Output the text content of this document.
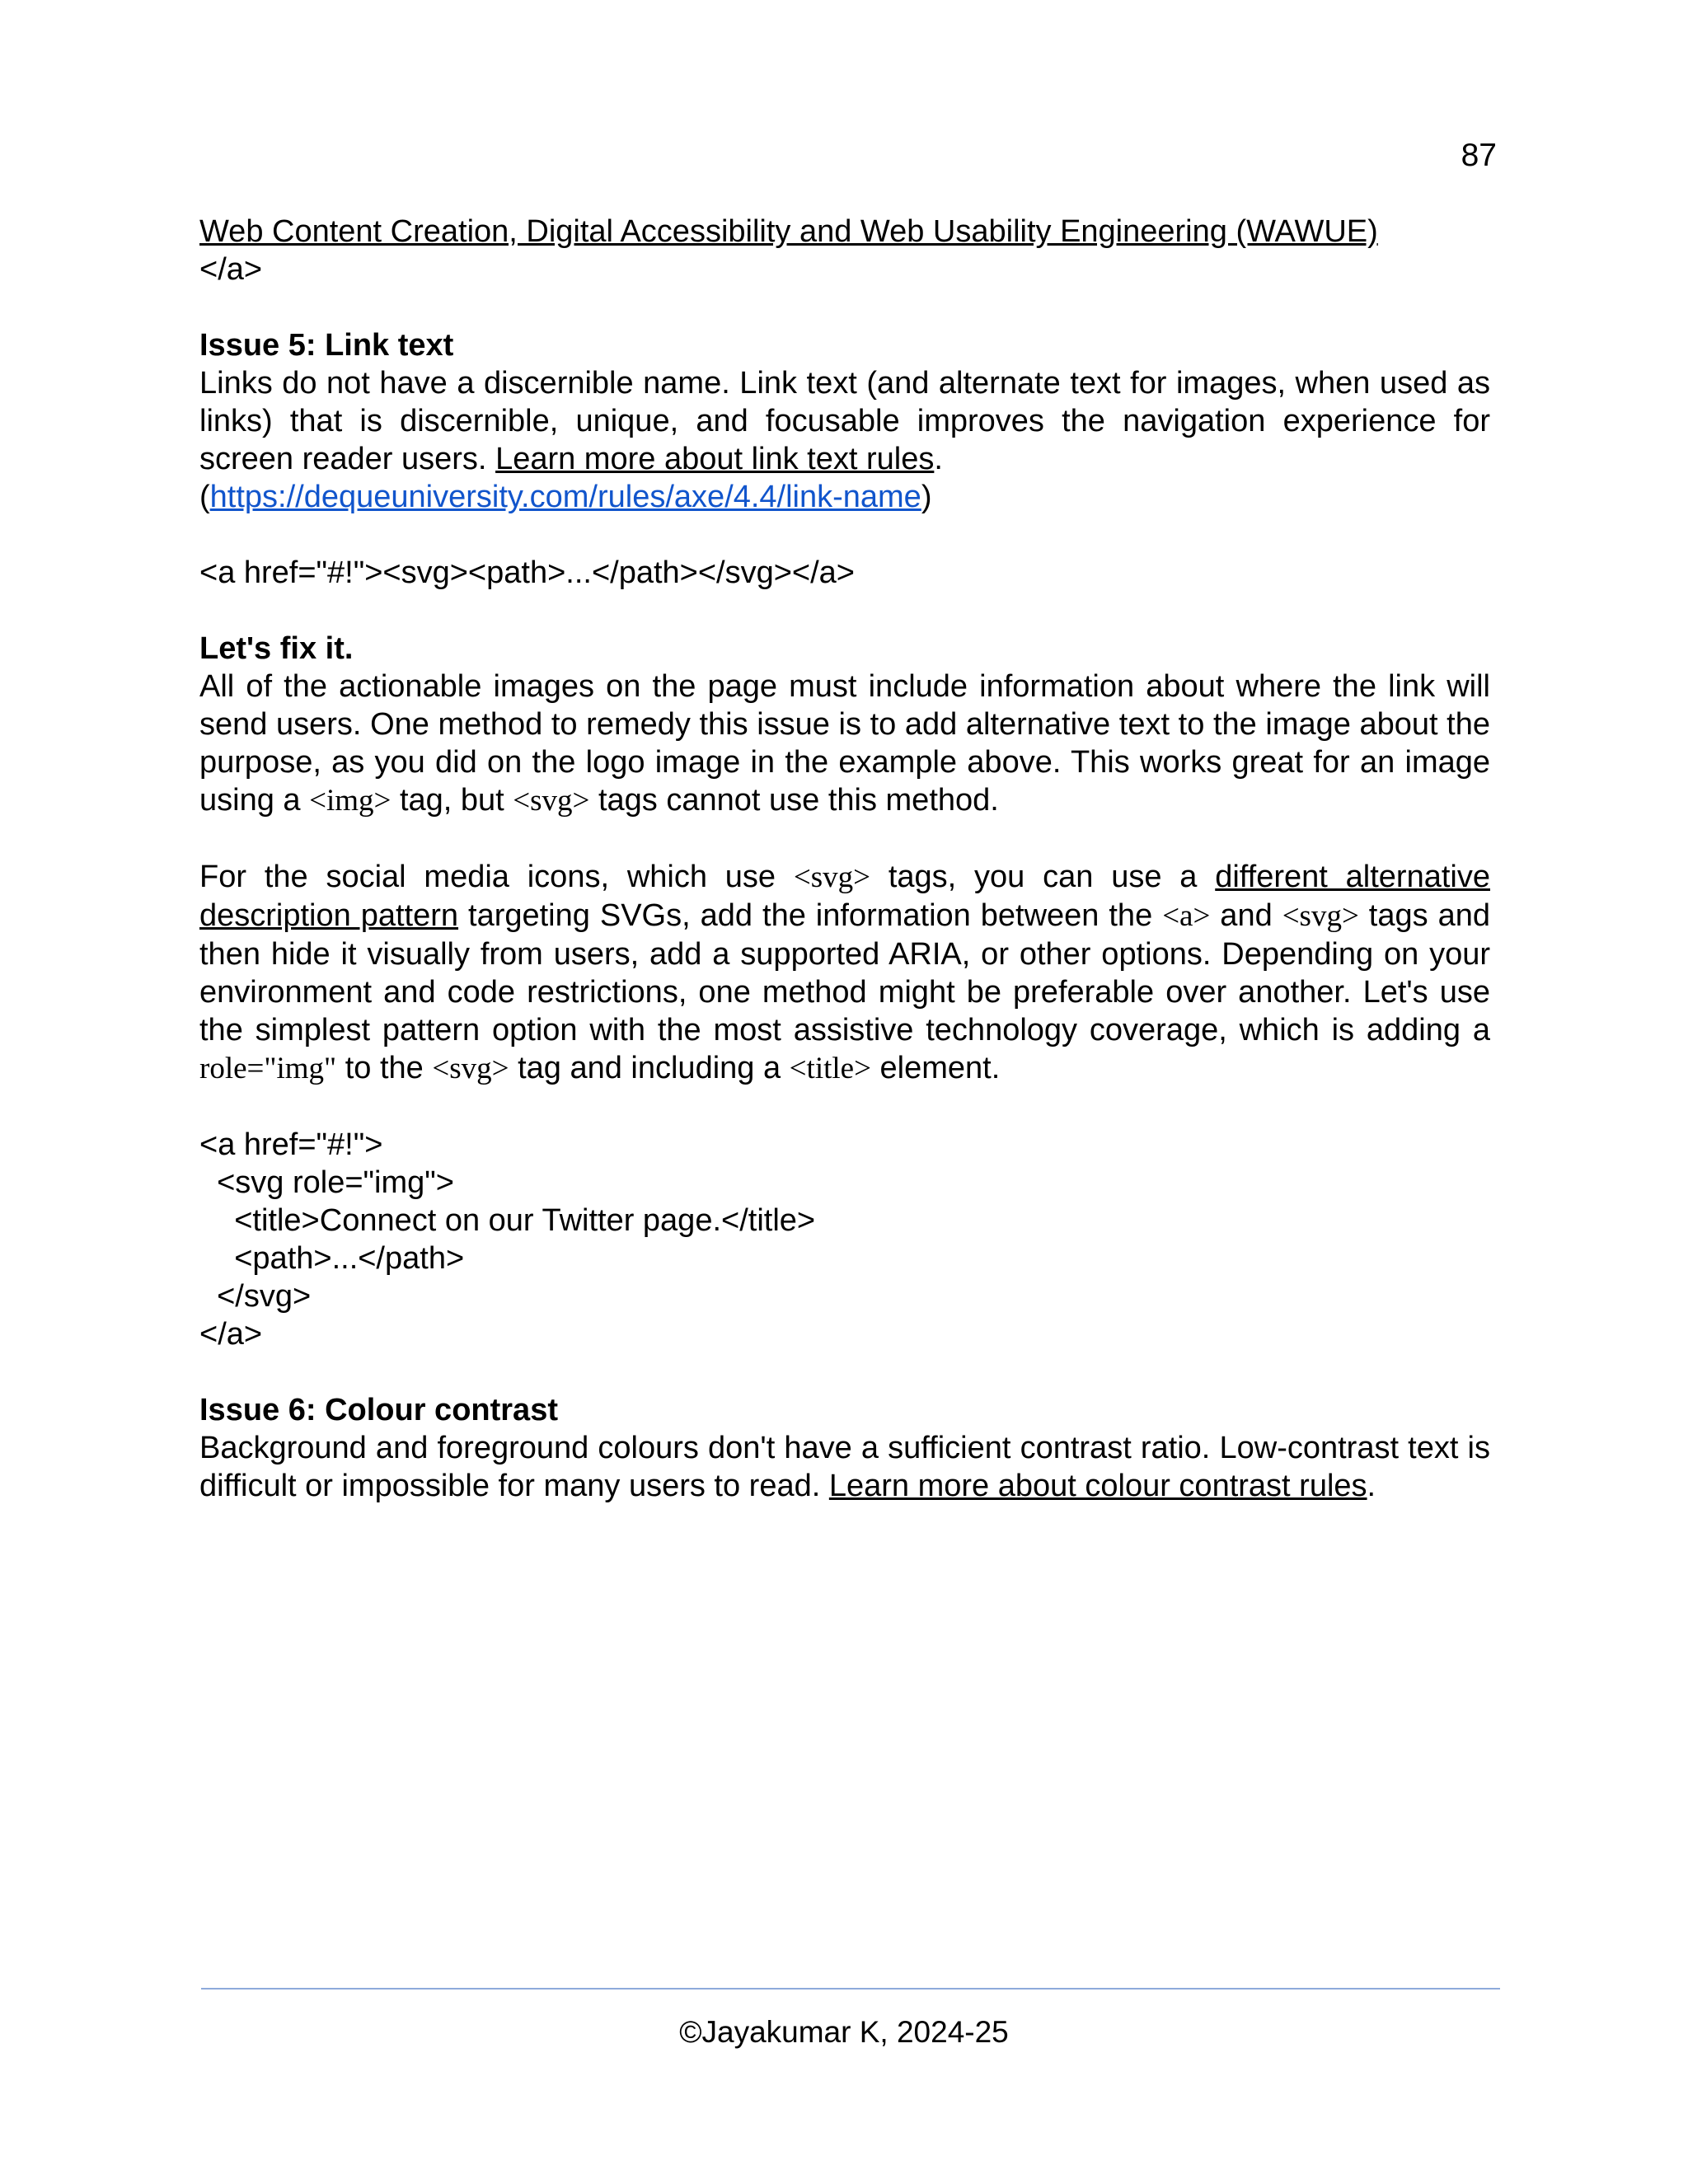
87

Web Content Creation, Digital Accessibility and Web Usability Engineering (WAWUE)

</a>

Issue 5: Link text

Links do not have a discernible name. Link text (and alternate text for images, when used as links) that is discernible, unique, and focusable improves the navigation experience for screen reader users. Learn more about link text rules.

(https://dequeuniversity.com/rules/axe/4.4/link-name)

<a href="#!"><svg><path>...</path></svg></a>

Let's fix it.

All of the actionable images on the page must include information about where the link will send users. One method to remedy this issue is to add alternative text to the image about the purpose, as you did on the logo image in the example above. This works great for an image using a <img> tag, but <svg> tags cannot use this method.

For the social media icons, which use <svg> tags, you can use a different alternative description pattern targeting SVGs, add the information between the <a> and <svg> tags and then hide it visually from users, add a supported ARIA, or other options. Depending on your environment and code restrictions, one method might be preferable over another. Let's use the simplest pattern option with the most assistive technology coverage, which is adding a role="img" to the <svg> tag and including a <title> element.

<a href="#!">

<svg role="img">

<title>Connect on our Twitter page.</title>

<path>...</path>

</svg>

</a>

Issue 6: Colour contrast

Background and foreground colours don't have a sufficient contrast ratio. Low-contrast text is difficult or impossible for many users to read. Learn more about colour contrast rules.

©Jayakumar K, 2024-25
